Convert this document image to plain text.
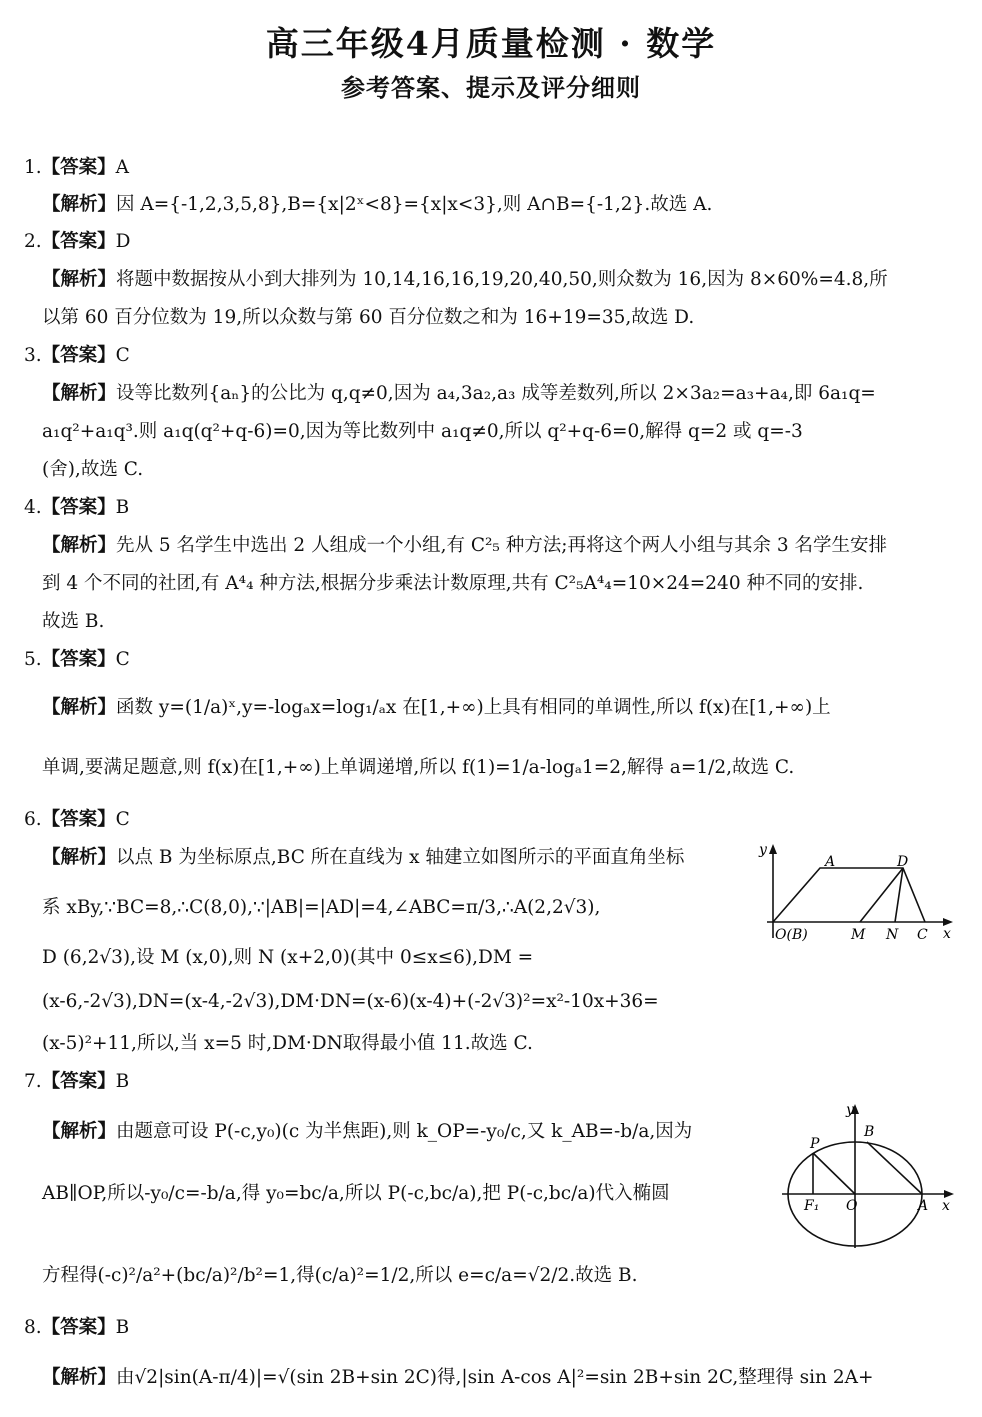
高三年级4月质量检测 · 数学
参考答案、提示及评分细则
1.【答案】A
【解析】因 A={-1,2,3,5,8},B={x|2ˣ<8}={x|x<3},则 A∩B={-1,2}.故选 A.
2.【答案】D
【解析】将题中数据按从小到大排列为 10,14,16,16,19,20,40,50,则众数为 16,因为 8×60%=4.8,所
以第 60 百分位数为 19,所以众数与第 60 百分位数之和为 16+19=35,故选 D.
3.【答案】C
【解析】设等比数列{aₙ}的公比为 q,q≠0,因为 a₄,3a₂,a₃ 成等差数列,所以 2×3a₂=a₃+a₄,即 6a₁q=
a₁q²+a₁q³.则 a₁q(q²+q-6)=0,因为等比数列中 a₁q≠0,所以 q²+q-6=0,解得 q=2 或 q=-3
(舍),故选 C.
4.【答案】B
【解析】先从 5 名学生中选出 2 人组成一个小组,有 C²₅ 种方法;再将这个两人小组与其余 3 名学生安排
到 4 个不同的社团,有 A⁴₄ 种方法,根据分步乘法计数原理,共有 C²₅A⁴₄=10×24=240 种不同的安排.
故选 B.
5.【答案】C
【解析】函数 y=(1/a)ˣ,y=-logₐx=log₁/ₐx 在[1,+∞)上具有相同的单调性,所以 f(x)在[1,+∞)上
单调,要满足题意,则 f(x)在[1,+∞)上单调递增,所以 f(1)=1/a-logₐ1=2,解得 a=1/2,故选 C.
6.【答案】C
【解析】以点 B 为坐标原点,BC 所在直线为 x 轴建立如图所示的平面直角坐标
系 xBy,∵BC=8,∴C(8,0),∵|AB|=|AD|=4,∠ABC=π/3,∴A(2,2√3),
D (6,2√3),设 M (x,0),则 N (x+2,0)(其中 0≤x≤6),DM =
(x-6,-2√3),DN=(x-4,-2√3),DM·DN=(x-6)(x-4)+(-2√3)²=x²-10x+36=
(x-5)²+11,所以,当 x=5 时,DM·DN取得最小值 11.故选 C.
y
x
A	D
O(B)	M N C
7.【答案】B
【解析】由题意可设 P(-c,y₀)(c 为半焦距),则 k_OP=-y₀/c,又 k_AB=-b/a,因为
AB∥OP,所以-y₀/c=-b/a,得 y₀=bc/a,所以 P(-c,bc/a),把 P(-c,bc/a)代入椭圆
方程得(-c)²/a²+(bc/a)²/b²=1,得(c/a)²=1/2,所以 e=c/a=√2/2.故选 B.
y
x
P
B
F₁ O	A
8.【答案】B
【解析】由√2|sin(A-π/4)|=√(sin 2B+sin 2C)得,|sin A-cos A|²=sin 2B+sin 2C,整理得 sin 2A+
